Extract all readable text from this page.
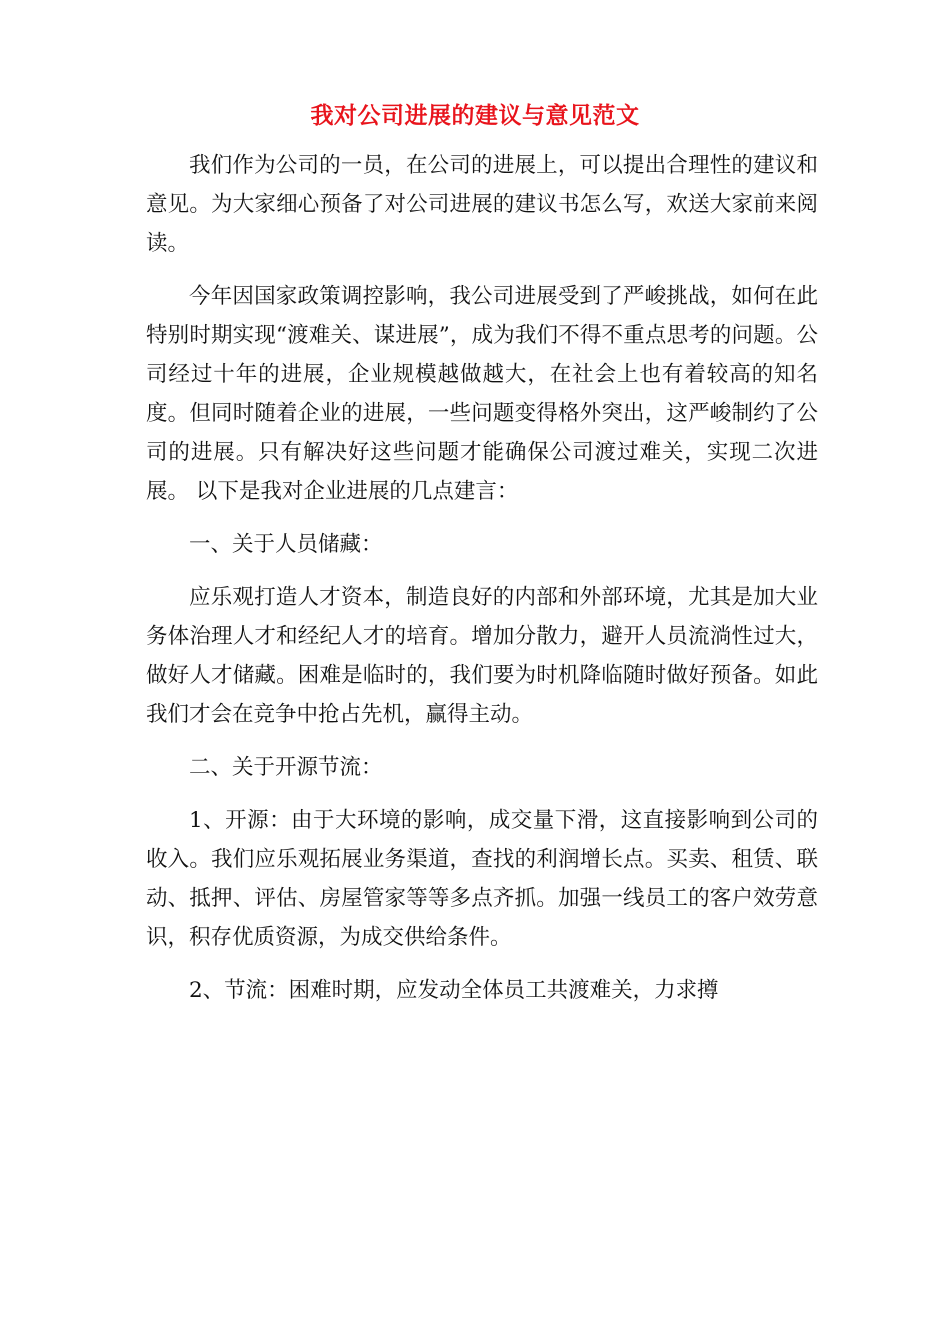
我对公司进展的建议与意见范文

我们作为公司的一员，在公司的进展上，可以提出合理性的建议和意见。为大家细心预备了对公司进展的建议书怎么写，欢送大家前来阅读。

今年因国家政策调控影响，我公司进展受到了严峻挑战，如何在此特别时期实现“渡难关、谋进展”，成为我们不得不重点思考的问题。公司经过十年的进展，企业规模越做越大，在社会上也有着较高的知名度。但同时随着企业的进展，一些问题变得格外突出，这严峻制约了公司的进展。只有解决好这些问题才能确保公司渡过难关，实现二次进展。 以下是我对企业进展的几点建言：

一、关于人员储藏：

应乐观打造人才资本，制造良好的内部和外部环境，尤其是加大业务体治理人才和经纪人才的培育。增加分散力，避开人员流淌性过大，做好人才储藏。困难是临时的，我们要为时机降临随时做好预备。如此我们才会在竞争中抢占先机，赢得主动。

二、关于开源节流：

1、开源：由于大环境的影响，成交量下滑，这直接影响到公司的收入。我们应乐观拓展业务渠道，查找的利润增长点。买卖、租赁、联动、抵押、评估、房屋管家等等多点齐抓。加强一线员工的客户效劳意识，积存优质资源，为成交供给条件。

2、节流：困难时期，应发动全体员工共渡难关，力求撙
